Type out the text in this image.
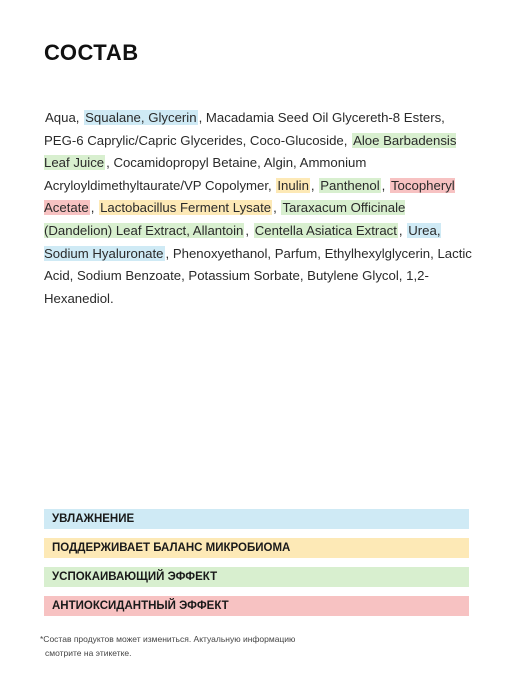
СОСТАВ
Aqua, Squalane, Glycerin , Macadamia Seed Oil Glycereth-8 Esters, PEG-6 Caprylic/Capric Glycerides, Coco-Glucoside, Aloe Barbadensis Leaf Juice , Cocamidopropyl Betaine, Algin, Ammonium Acryloyldimethyltaurate/VP Copolymer, Inulin , Panthenol , Tocopheryl Acetate , Lactobacillus Ferment Lysate , Taraxacum Officinale (Dandelion) Leaf Extract, Allantoin , Centella Asiatica Extract , Urea, Sodium Hyaluronate , Phenoxyethanol, Parfum, Ethylhexylglycerin, Lactic Acid, Sodium Benzoate, Potassium Sorbate, Butylene Glycol, 1,2-Hexanediol.
УВЛАЖНЕНИЕ
ПОДДЕРЖИВАЕТ БАЛАНС МИКРОБИОМА
УСПОКАИВАЮЩИЙ ЭФФЕКТ
АНТИОКСИДАНТНЫЙ ЭФФЕКТ
*Состав продуктов может измениться. Актуальную информацию
смотрите на этикетке.
